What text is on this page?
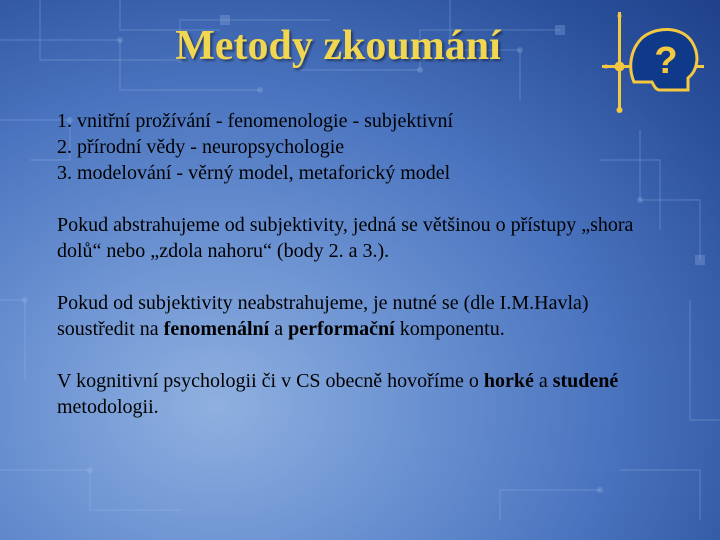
Metody zkoumání	?
1. vnitřní prožívání - fenomenologie - subjektivní
2. přírodní vědy - neuropsychologie
3. modelování - věrný model, metaforický model

Pokud abstrahujeme od subjektivity, jedná se většinou o přístupy „shora dolů“ nebo „zdola nahoru“ (body 2. a 3.).

Pokud od subjektivity neabstrahujeme, je nutné se (dle I.M.Havla) soustředit na fenomenální a performační komponentu.

V kognitivní psychologii či v CS obecně hovoříme o horké a studené metodologii.
